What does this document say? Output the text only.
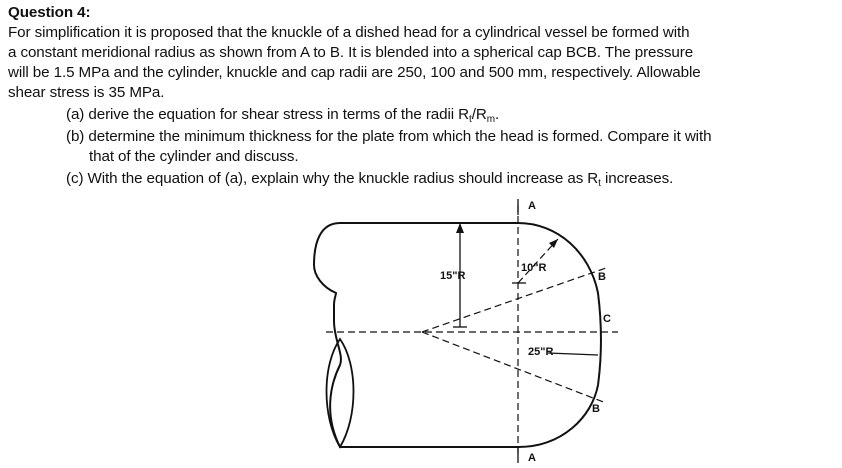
Question 4:
For simplification it is proposed that the knuckle of a dished head for a cylindrical vessel be formed with
a constant meridional radius as shown from A to B. It is blended into a spherical cap BCB. The pressure
will be 1.5 MPa and the cylinder, knuckle and cap radii are 250, 100 and 500 mm, respectively. Allowable
shear stress is 35 MPa.
(a) derive the equation for shear stress in terms of the radii $R_t/R_m$.
(b) determine the minimum thickness for the plate from which the head is formed. Compare it with
that of the cylinder and discuss.
(c) With the equation of (a), explain why the knuckle radius should increase as $R_t$ increases.
A
A
B
C
B
15"R
10"R
25"R
